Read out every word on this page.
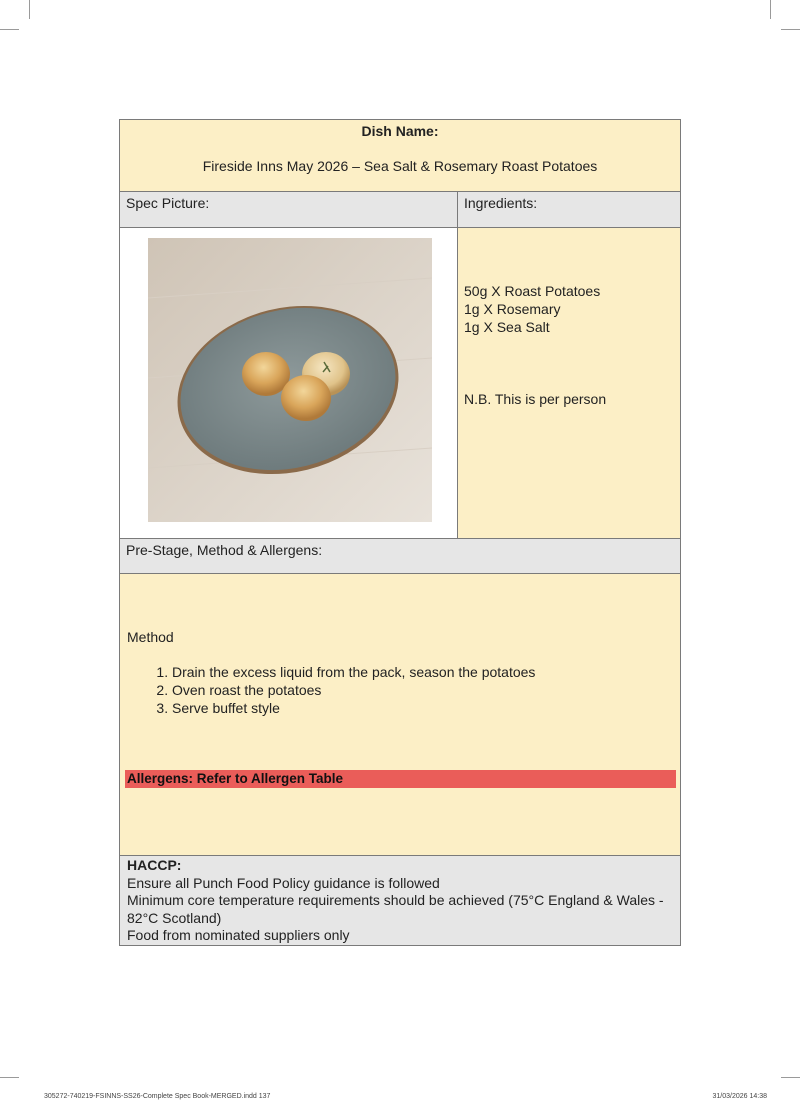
Dish Name:
Fireside Inns May 2026 – Sea Salt & Rosemary Roast Potatoes
Spec Picture:	Ingredients:
50g X Roast Potatoes
1g X Rosemary
1g X Sea Salt
N.B. This is per person
Pre-Stage, Method & Allergens:
Method
1. Drain the excess liquid from the pack, season the potatoes
2. Oven roast the potatoes
3. Serve buffet style
Allergens: Refer to Allergen Table
HACCP:
Ensure all Punch Food Policy guidance is followed
Minimum core temperature requirements should be achieved (75°C England & Wales - 82°C Scotland)
Food from nominated suppliers only
305272-740219-FSINNS-SS26-Complete Spec Book-MERGED.indd 137	31/03/2026 14:38
